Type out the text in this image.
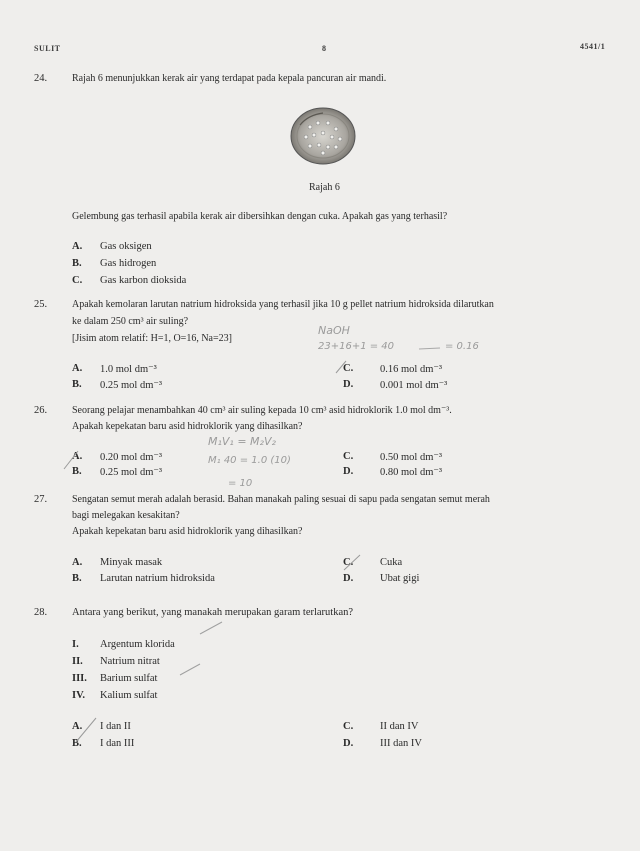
SULIT	8	4541/1
24. Rajah 6 menunjukkan kerak air yang terdapat pada kepala pancuran air mandi.
Rajah 6
Gelembung gas terhasil apabila kerak air dibersihkan dengan cuka. Apakah gas yang terhasil?
A. Gas oksigen
B. Gas hidrogen
C. Gas karbon dioksida
25. Apakah kemolaran larutan natrium hidroksida yang terhasil jika 10 g pellet natrium hidroksida dilarutkan
ke dalam 250 cm³ air suling?
[Jisim atom relatif: H=1, O=16, Na=23]
NaOH
23+16+1 = 40	= 0.16
A. 1.0 mol dm⁻³
B. 0.25 mol dm⁻³
C.	0.16 mol dm⁻³
D.	0.001 mol dm⁻³
26. Seorang pelajar menambahkan 40 cm³ air suling kepada 10 cm³ asid hidroklorik 1.0 mol dm⁻³.
Apakah kepekatan baru asid hidroklorik yang dihasilkan?
M₁V₁ = M₂V₂
M₁ 40 = 1.0 (10)
= 10
A. 0.20 mol dm⁻³
B. 0.25 mol dm⁻³
C.	0.50 mol dm⁻³
D.	0.80 mol dm⁻³
27. Sengatan semut merah adalah berasid. Bahan manakah paling sesuai di sapu pada sengatan semut merah
bagi melegakan kesakitan?
Apakah kepekatan baru asid hidroklorik yang dihasilkan?
A. Minyak masak
B. Larutan natrium hidroksida
C.	Cuka
D.	Ubat gigi
28. Antara yang berikut, yang manakah merupakan garam terlarutkan?
I. Argentum klorida
II. Natrium nitrat
III. Barium sulfat
IV. Kalium sulfat
A. I dan II
B. I dan III
C.	II dan IV
D.	III dan IV
